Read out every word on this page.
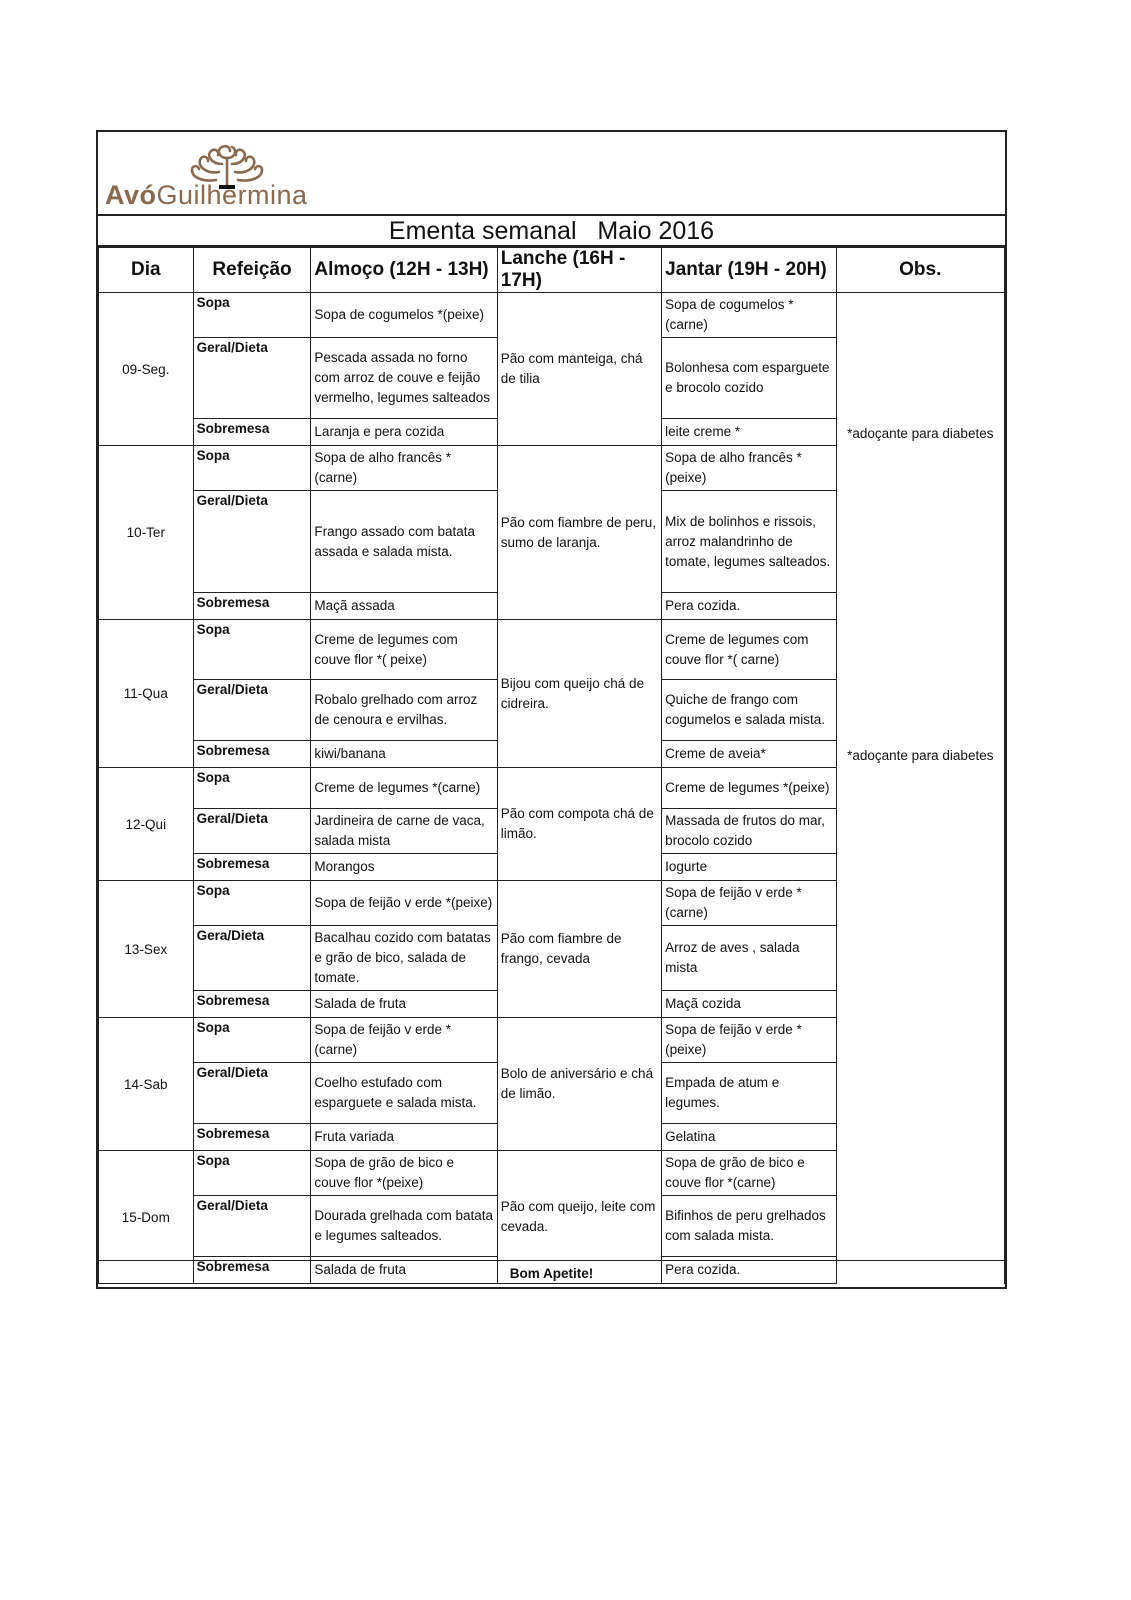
AvóGuilhermina
Ementa semanal   Maio 2016
Dia	Refeição	Almoço (12H - 13H)	Lanche (16H - 17H)	Jantar (19H - 20H)	Obs.
09-Seg.	Sopa	Sopa de cogumelos *(peixe)	Pão com manteiga, chá de tilia	Sopa de cogumelos *(carne)	*adoçante para diabetes
	Geral/Dieta	Pescada assada no forno com arroz de couve e feijão vermelho, legumes salteados		Bolonhesa com esparguete e brocolo cozido	
	Sobremesa	Laranja e pera cozida		leite creme *	
10-Ter	Sopa	Sopa de alho francês *(carne)	Pão com fiambre de peru, sumo de laranja.	Sopa de alho francês *(peixe)	
	Geral/Dieta	Frango assado com batata assada e salada mista.		Mix de bolinhos e rissois, arroz malandrinho de tomate, legumes salteados.	
	Sobremesa	Maçã assada		Pera cozida.	
11-Qua	Sopa	Creme de legumes com couve flor *( peixe)	Bijou com queijo chá de cidreira.	Creme de legumes com couve flor *( carne)	*adoçante para diabetes
	Geral/Dieta	Robalo grelhado com arroz de cenoura e ervilhas.		Quiche de frango com cogumelos e salada mista.	
	Sobremesa	kiwi/banana		Creme de aveia*	
12-Qui	Sopa	Creme de legumes *(carne)	Pão com compota chá de limão.	Creme de legumes *(peixe)	
	Geral/Dieta	Jardineira de carne de vaca, salada mista		Massada de frutos do mar, brocolo cozido	
	Sobremesa	Morangos		Iogurte	
13-Sex	Sopa	Sopa de feijão v erde *(peixe)	Pão com fiambre de frango, cevada	Sopa de feijão v erde *(carne)	
	Gera/Dieta	Bacalhau cozido com batatas e grão de bico, salada de tomate.		Arroz de aves , salada mista	
	Sobremesa	Salada de fruta		Maçã cozida	
14-Sab	Sopa	Sopa de feijão v erde *(carne)	Bolo de aniversário e chá de limão.	Sopa de feijão v erde *(peixe)	
	Geral/Dieta	Coelho estufado com esparguete e salada mista.		Empada de atum e legumes.	
	Sobremesa	Fruta variada		Gelatina	
15-Dom	Sopa	Sopa de grão de bico e couve flor *(peixe)	Pão com queijo, leite com cevada.	Sopa de grão de bico e couve flor *(carne)	
	Geral/Dieta	Dourada grelhada com batata e legumes salteados.		Bifinhos de peru grelhados com salada mista.	
	Sobremesa	Salada de fruta		Pera cozida.	
Bom Apetite!
